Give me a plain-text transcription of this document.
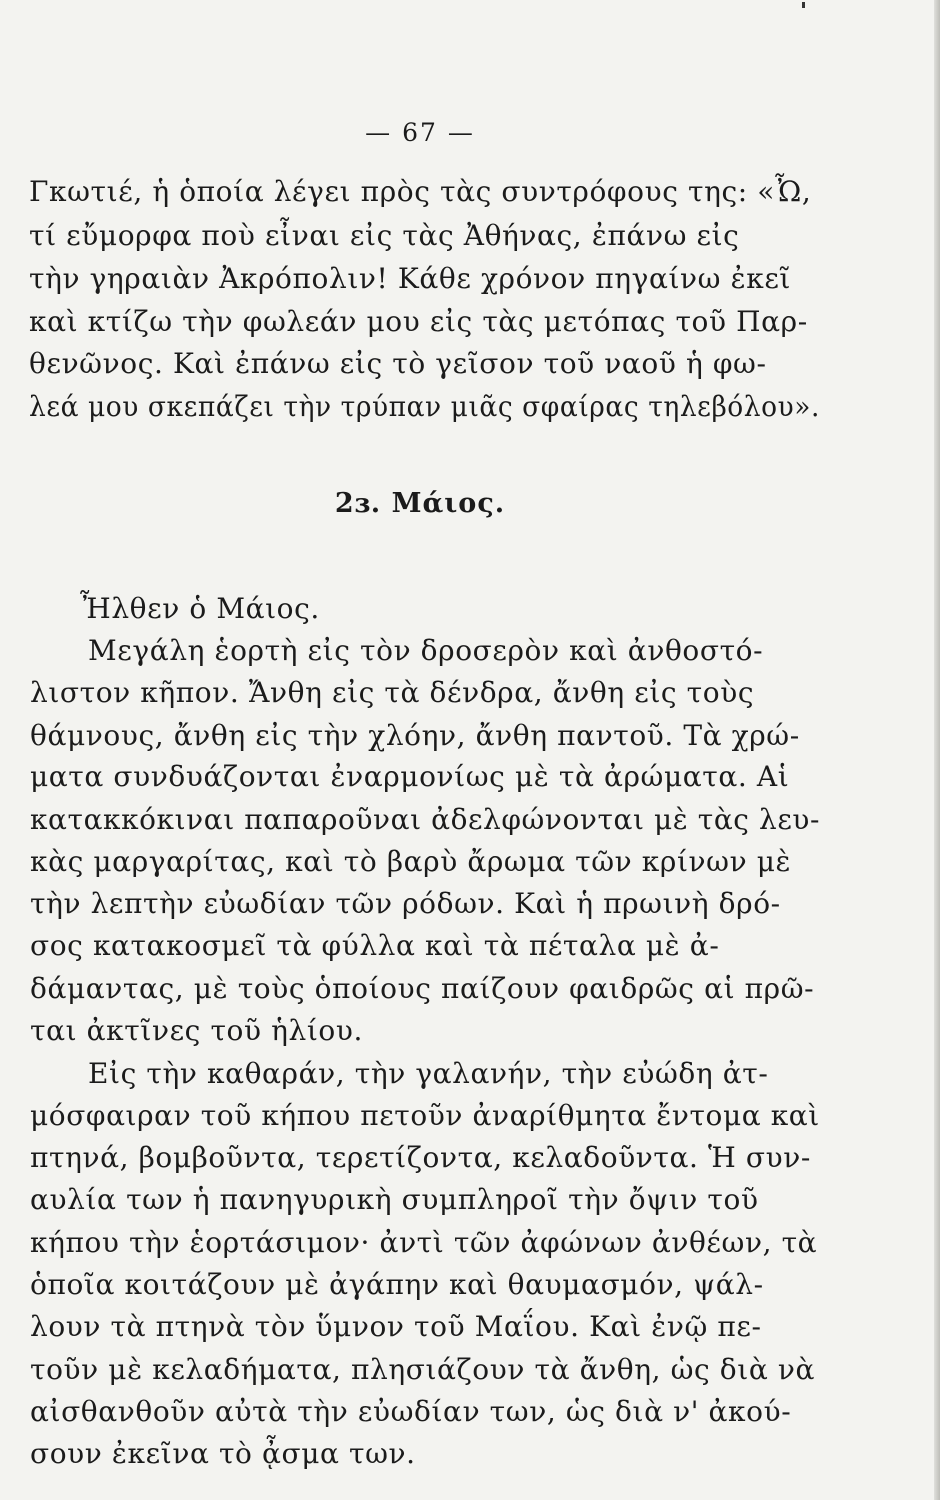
— 67 —
Γκωτιέ, ἡ ὁποία λέγει πρὸς τὰς συντρόφους της: «Ὦ,
τί εὔμορφα ποὺ εἶναι εἰς τὰς Ἀθήνας, ἐπάνω εἰς
τὴν γηραιὰν Ἀκρόπολιν! Κάθε χρόνον πηγαίνω ἐκεῖ
καὶ κτίζω τὴν φωλεάν μου εἰς τὰς μετόπας τοῦ Παρ-
θενῶνος. Καὶ ἐπάνω εἰς τὸ γεῖσον τοῦ ναοῦ ἡ φω-
λεά μου σκεπάζει τὴν τρύπαν μιᾶς σφαίρας τηλεβόλου».
2ɜ. Μάιος.
Ἦλθεν ὁ Μάιος.
Μεγάλη ἑορτὴ εἰς τὸν δροσερὸν καὶ ἀνθοστό-
λιστον κῆπον. Ἄνθη εἰς τὰ δένδρα, ἄνθη εἰς τοὺς
θάμνους, ἄνθη εἰς τὴν χλόην, ἄνθη παντοῦ. Τὰ χρώ-
ματα συνδυάζονται ἐναρμονίως μὲ τὰ ἀρώματα. Αἱ
κατακκόκιναι παπαροῦναι ἀδελφώνονται μὲ τὰς λευ-
κὰς μαργαρίτας, καὶ τὸ βαρὺ ἄρωμα τῶν κρίνων μὲ
τὴν λεπτὴν εὐωδίαν τῶν ρόδων. Καὶ ἡ πρωινὴ δρό-
σος κατακοσμεῖ τὰ φύλλα καὶ τὰ πέταλα μὲ ἀ-
δάμαντας, μὲ τοὺς ὁποίους παίζουν φαιδρῶς αἱ πρῶ-
ται ἀκτῖνες τοῦ ἡλίου.
Εἰς τὴν καθαράν, τὴν γαλανήν, τὴν εὐώδη ἀτ-
μόσφαιραν τοῦ κήπου πετοῦν ἀναρίθμητα ἔντομα καὶ
πτηνά, βομβοῦντα, τερετίζοντα, κελαδοῦντα. Ἡ συν-
αυλία των ἡ πανηγυρικὴ συμπληροῖ τὴν ὄψιν τοῦ
κήπου τὴν ἑορτάσιμον· ἀντὶ τῶν ἀφώνων ἀνθέων, τὰ
ὁποῖα κοιτάζουν μὲ ἀγάπην καὶ θαυμασμόν, ψάλ-
λουν τὰ πτηνὰ τὸν ὕμνον τοῦ Μαΐου. Καὶ ἐνῷ πε-
τοῦν μὲ κελαδήματα, πλησιάζουν τὰ ἄνθη, ὡς διὰ νὰ
αἰσθανθοῦν αὐτὰ τὴν εὐωδίαν των, ὡς διὰ ν' ἀκού-
σουν ἐκεῖνα τὸ ᾆσμα των.
